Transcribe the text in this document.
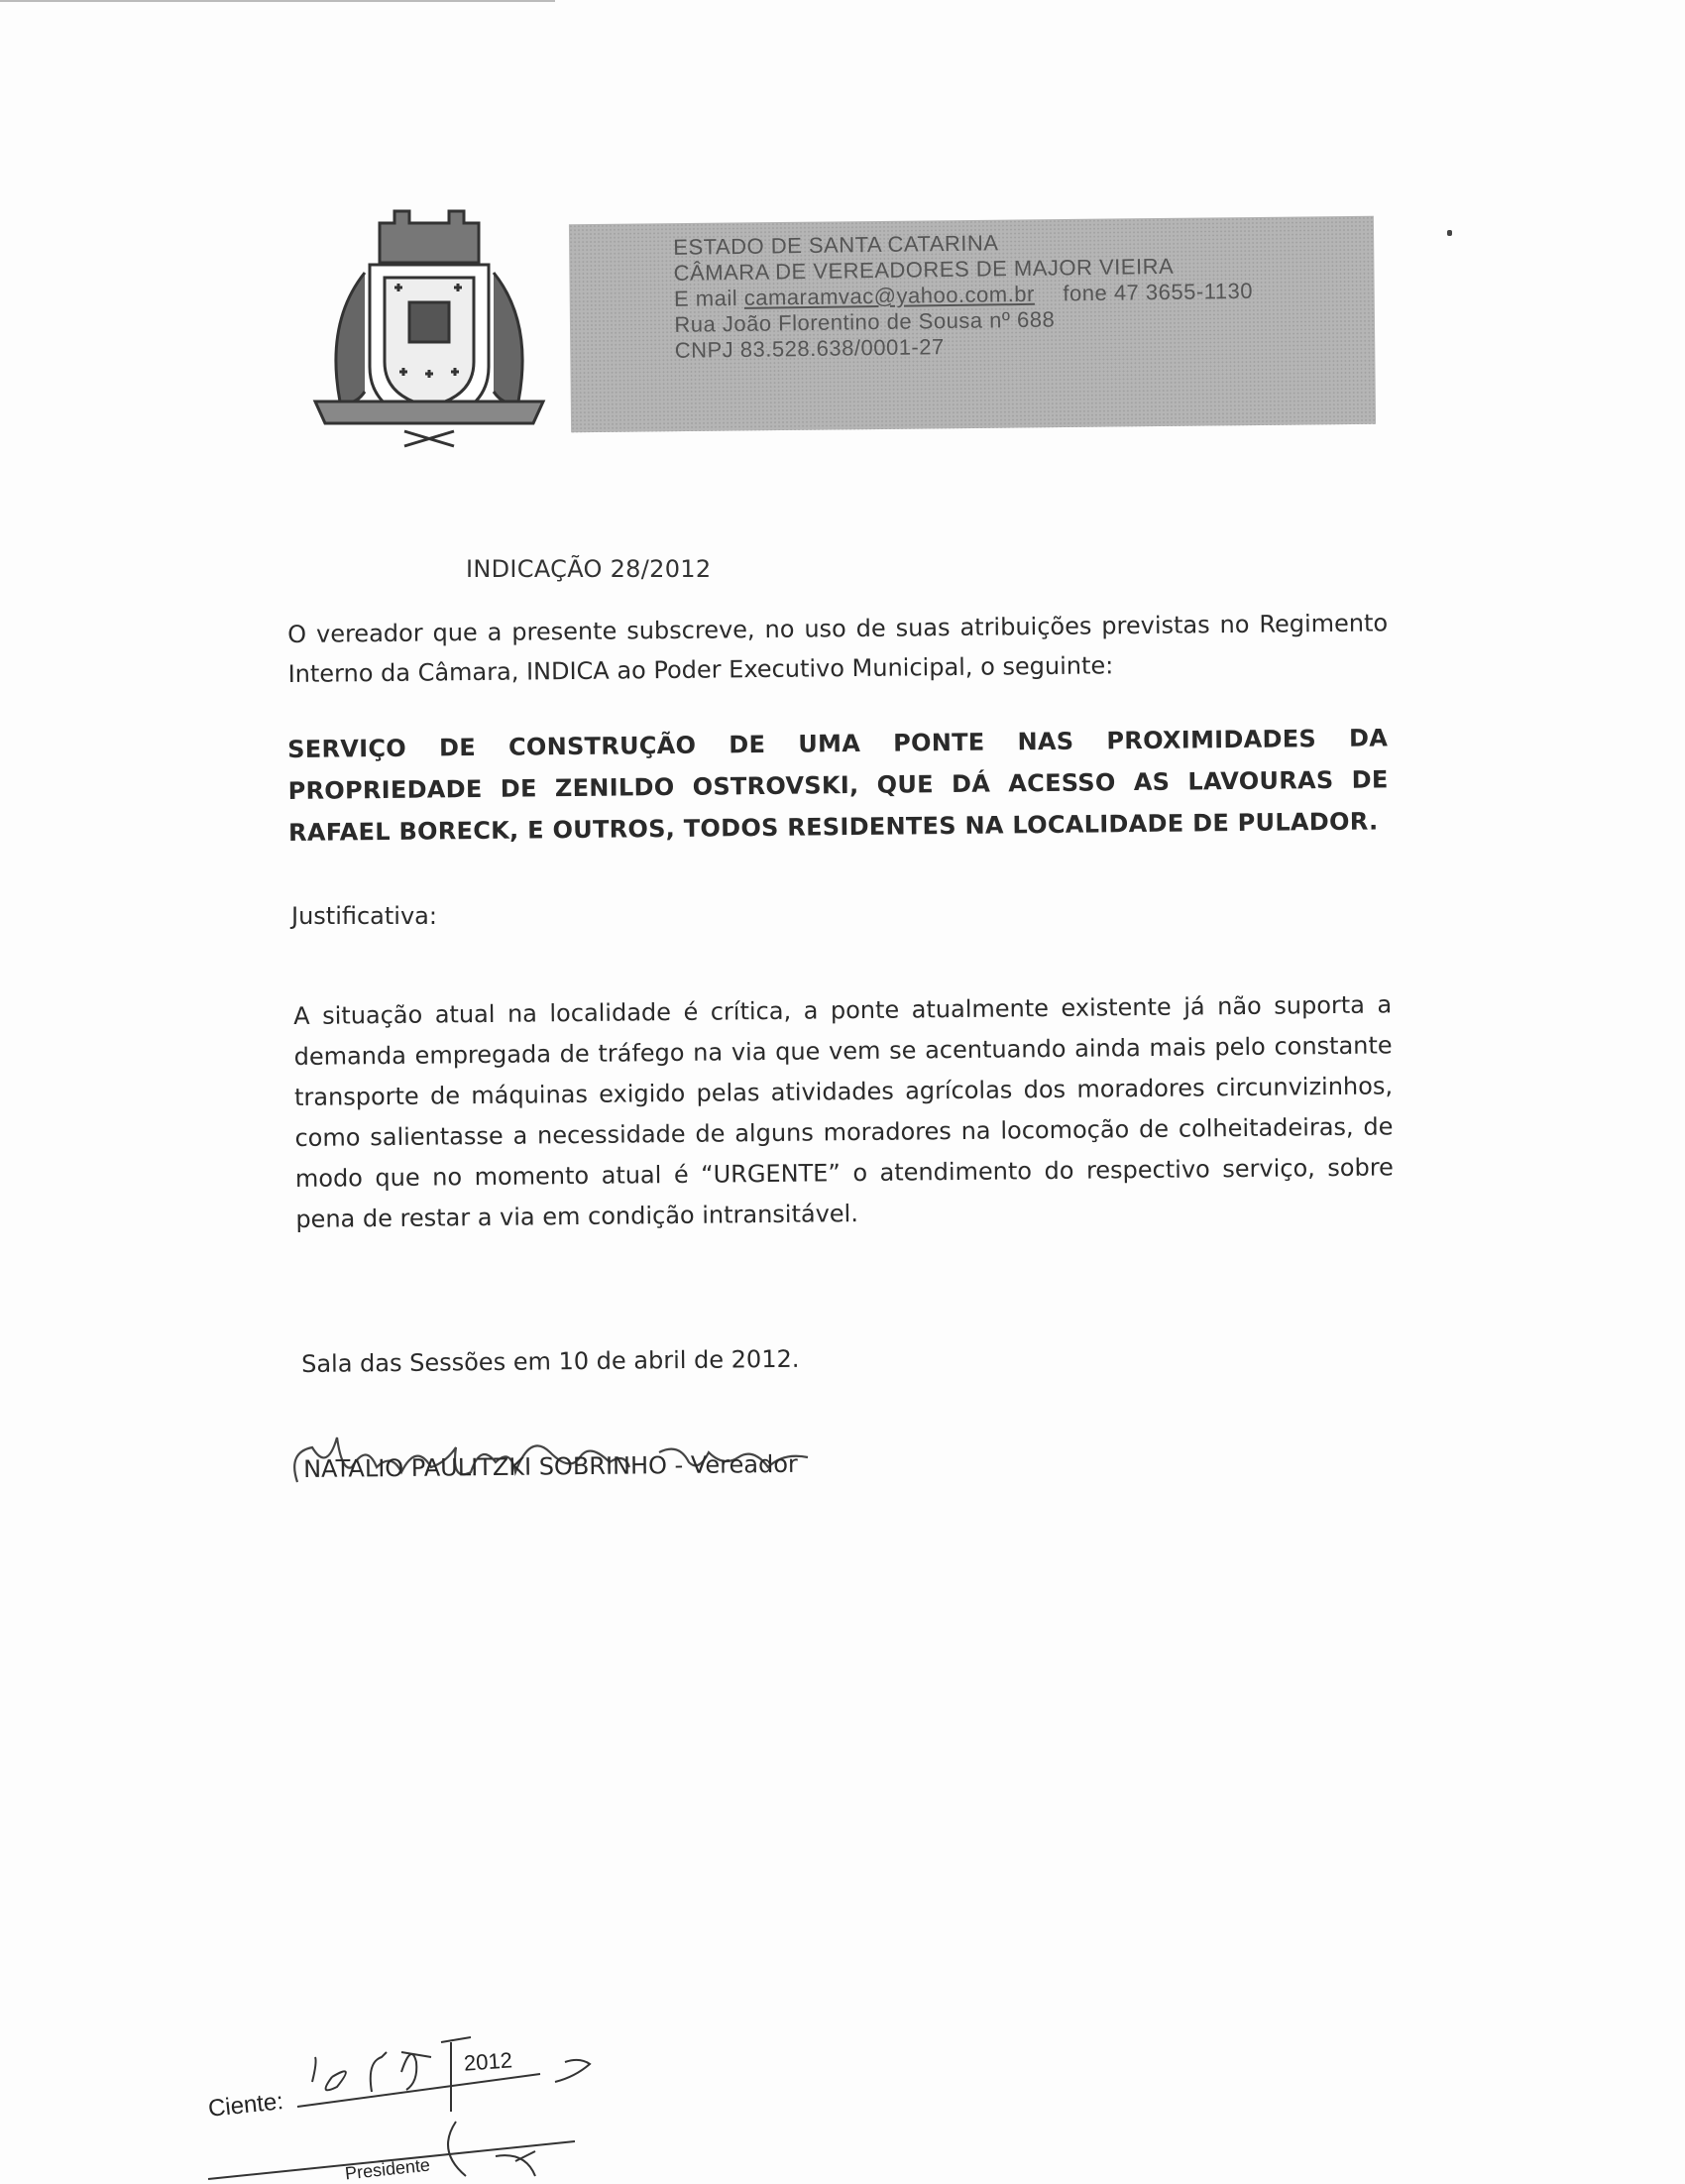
ESTADO DE SANTA CATARINA
CÂMARA DE VEREADORES DE MAJOR VIEIRA
E mail camaramvac@yahoo.com.br fone 47 3655-1130
Rua João Florentino de Sousa nº 688
CNPJ 83.528.638/0001-27
INDICAÇÃO 28/2012
O vereador que a presente subscreve, no uso de suas atribuições previstas no Regimento Interno da Câmara, INDICA ao Poder Executivo Municipal, o seguinte:
SERVIÇO DE CONSTRUÇÃO DE UMA PONTE NAS PROXIMIDADES DA PROPRIEDADE DE ZENILDO OSTROVSKI, QUE DÁ ACESSO AS LAVOURAS DE RAFAEL BORECK, E OUTROS, TODOS RESIDENTES NA LOCALIDADE DE PULADOR.
Justificativa:
A situação atual na localidade é crítica, a ponte atualmente existente já não suporta a demanda empregada de tráfego na via que vem se acentuando ainda mais pelo constante transporte de máquinas exigido pelas atividades agrícolas dos moradores circunvizinhos, como salientasse a necessidade de alguns moradores na locomoção de colheitadeiras, de modo que no momento atual é “URGENTE” o atendimento do respectivo serviço, sobre pena de restar a via em condição intransitável.
Sala das Sessões em 10 de abril de 2012.
NATALIO PAULITZKI SOBRINHO - Vereador
Ciente:
2012
Presidente
